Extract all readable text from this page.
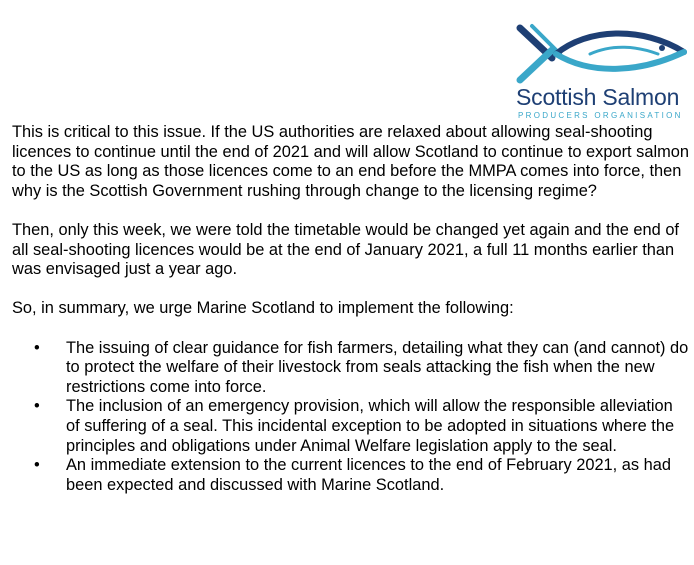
Scottish Salmon
PRODUCERS ORGANISATION

This is critical to this issue. If the US authorities are relaxed about allowing seal-shooting licences to continue until the end of 2021 and will allow Scotland to continue to export salmon to the US as long as those licences come to an end before the MMPA comes into force, then why is the Scottish Government rushing through change to the licensing regime?

Then, only this week, we were told the timetable would be changed yet again and the end of all seal-shooting licences would be at the end of January 2021, a full 11 months earlier than was envisaged just a year ago.

So, in summary, we urge Marine Scotland to implement the following:

• The issuing of clear guidance for fish farmers, detailing what they can (and cannot) do to protect the welfare of their livestock from seals attacking the fish when the new restrictions come into force.
• The inclusion of an emergency provision, which will allow the responsible alleviation of suffering of a seal. This incidental exception to be adopted in situations where the principles and obligations under Animal Welfare legislation apply to the seal.
• An immediate extension to the current licences to the end of February 2021, as had been expected and discussed with Marine Scotland.
